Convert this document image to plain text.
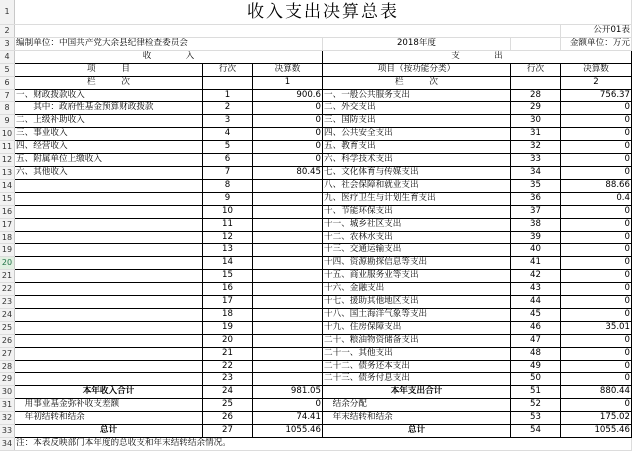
1	收入支出决算总表					
2						公开01表
3	编制单位：中国共产党大余县纪律检查委员会			2018年度		金额单位：万元
4	收　　　　入			支　　　　出		
5	项　　　目	行次	决算数	项目（按功能分类）	行次	决算数
6	栏　　　次		1	栏　　　次		2
7	一、财政拨款收入	1	900.6	一、一般公共服务支出	28	756.37
8	　　其中：政府性基金预算财政拨款	2	0	二、外交支出	29	0
9	二、上级补助收入	3	0	三、国防支出	30	0
10	三、事业收入	4	0	四、公共安全支出	31	0
11	四、经营收入	5	0	五、教育支出	32	0
12	五、附属单位上缴收入	6	0	六、科学技术支出	33	0
13	六、其他收入	7	80.45	七、文化体育与传媒支出	34	0
14		8		八、社会保障和就业支出	35	88.66
15		9		九、医疗卫生与计划生育支出	36	0.4
16		10		十、节能环保支出	37	0
17		11		十一、城乡社区支出	38	0
18		12		十二、农林水支出	39	0
19		13		十三、交通运输支出	40	0
20		14		十四、资源勘探信息等支出	41	0
21		15		十五、商业服务业等支出	42	0
22		16		十六、金融支出	43	0
23		17		十七、援助其他地区支出	44	0
24		18		十八、国土海洋气象等支出	45	0
25		19		十九、住房保障支出	46	35.01
26		20		二十、粮油物资储备支出	47	0
27		21		二十一、其他支出	48	0
28		22		二十二、债务还本支出	49	0
29		23		二十三、债务付息支出	50	0
30	本年收入合计	24	981.05	本年支出合计	51	880.44
31	　用事业基金弥补收支差额	25	0	　结余分配	52	0
32	　年初结转和结余	26	74.41	　年末结转和结余	53	175.02
33	总计	27	1055.46	总计	54	1055.46
34	注：本表反映部门本年度的总收支和年末结转结余情况。					
